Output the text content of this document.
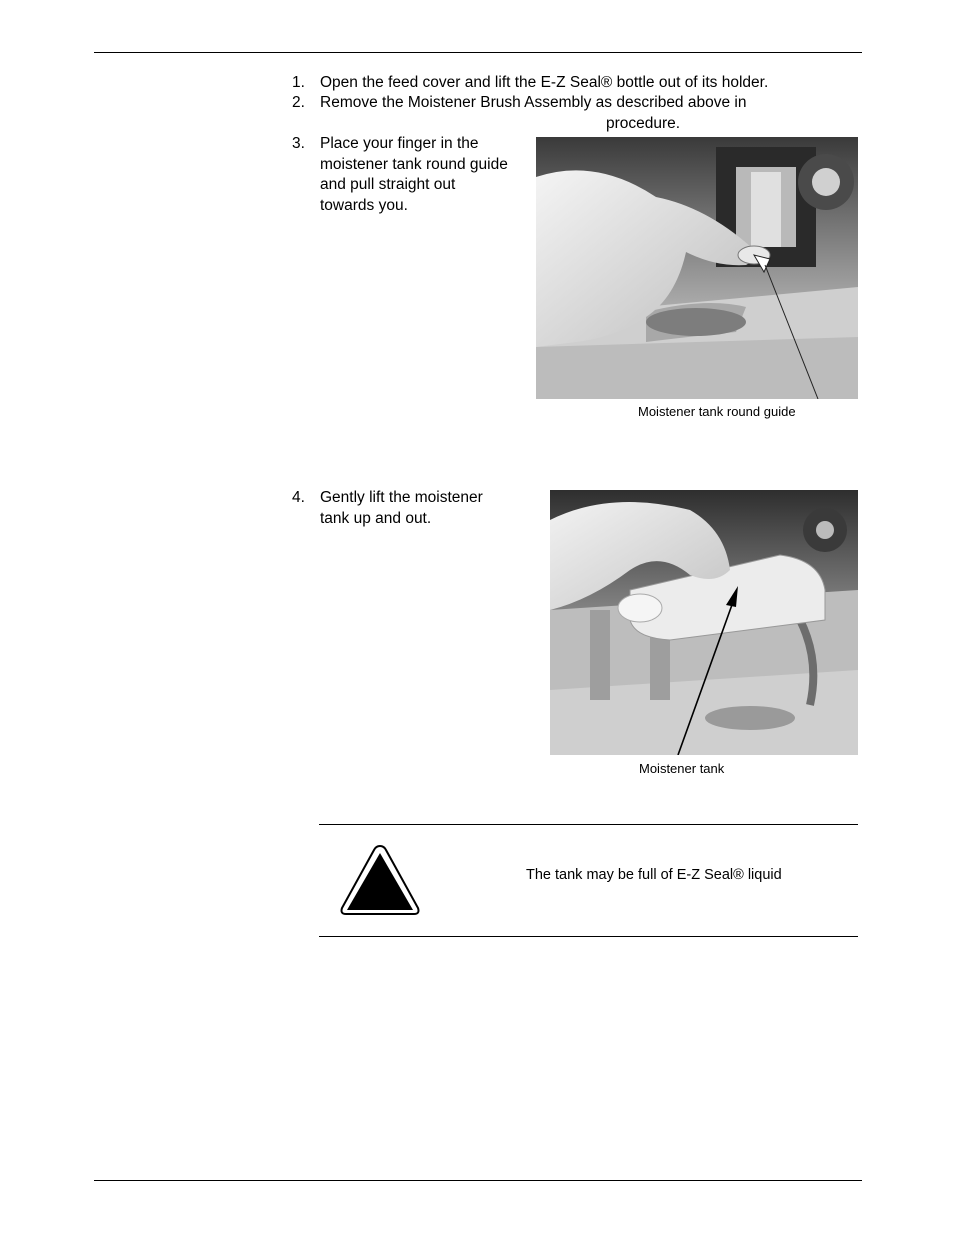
1. Open the feed cover and lift the E-Z Seal® bottle out of its holder.
2. Remove the Moistener Brush Assembly as described above in
procedure.
3. Place your finger in the
moistener tank round guide
and pull straight out
towards you.
Moistener tank round guide
4. Gently lift the moistener
tank up and out.
Moistener tank
The tank may be full of E-Z Seal® liquid
